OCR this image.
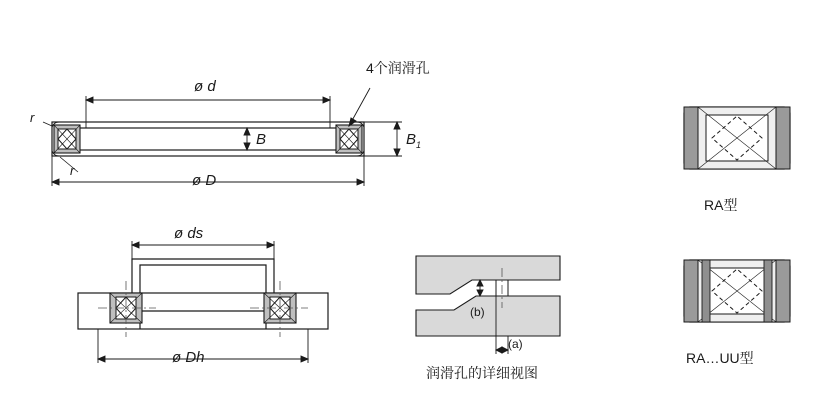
ø d
ø D
B	$B_1$
r
r
4个润滑孔
ø ds
ø Dh
(b)
(a)
润滑孔的详细视图
RA型
RA…UU型
